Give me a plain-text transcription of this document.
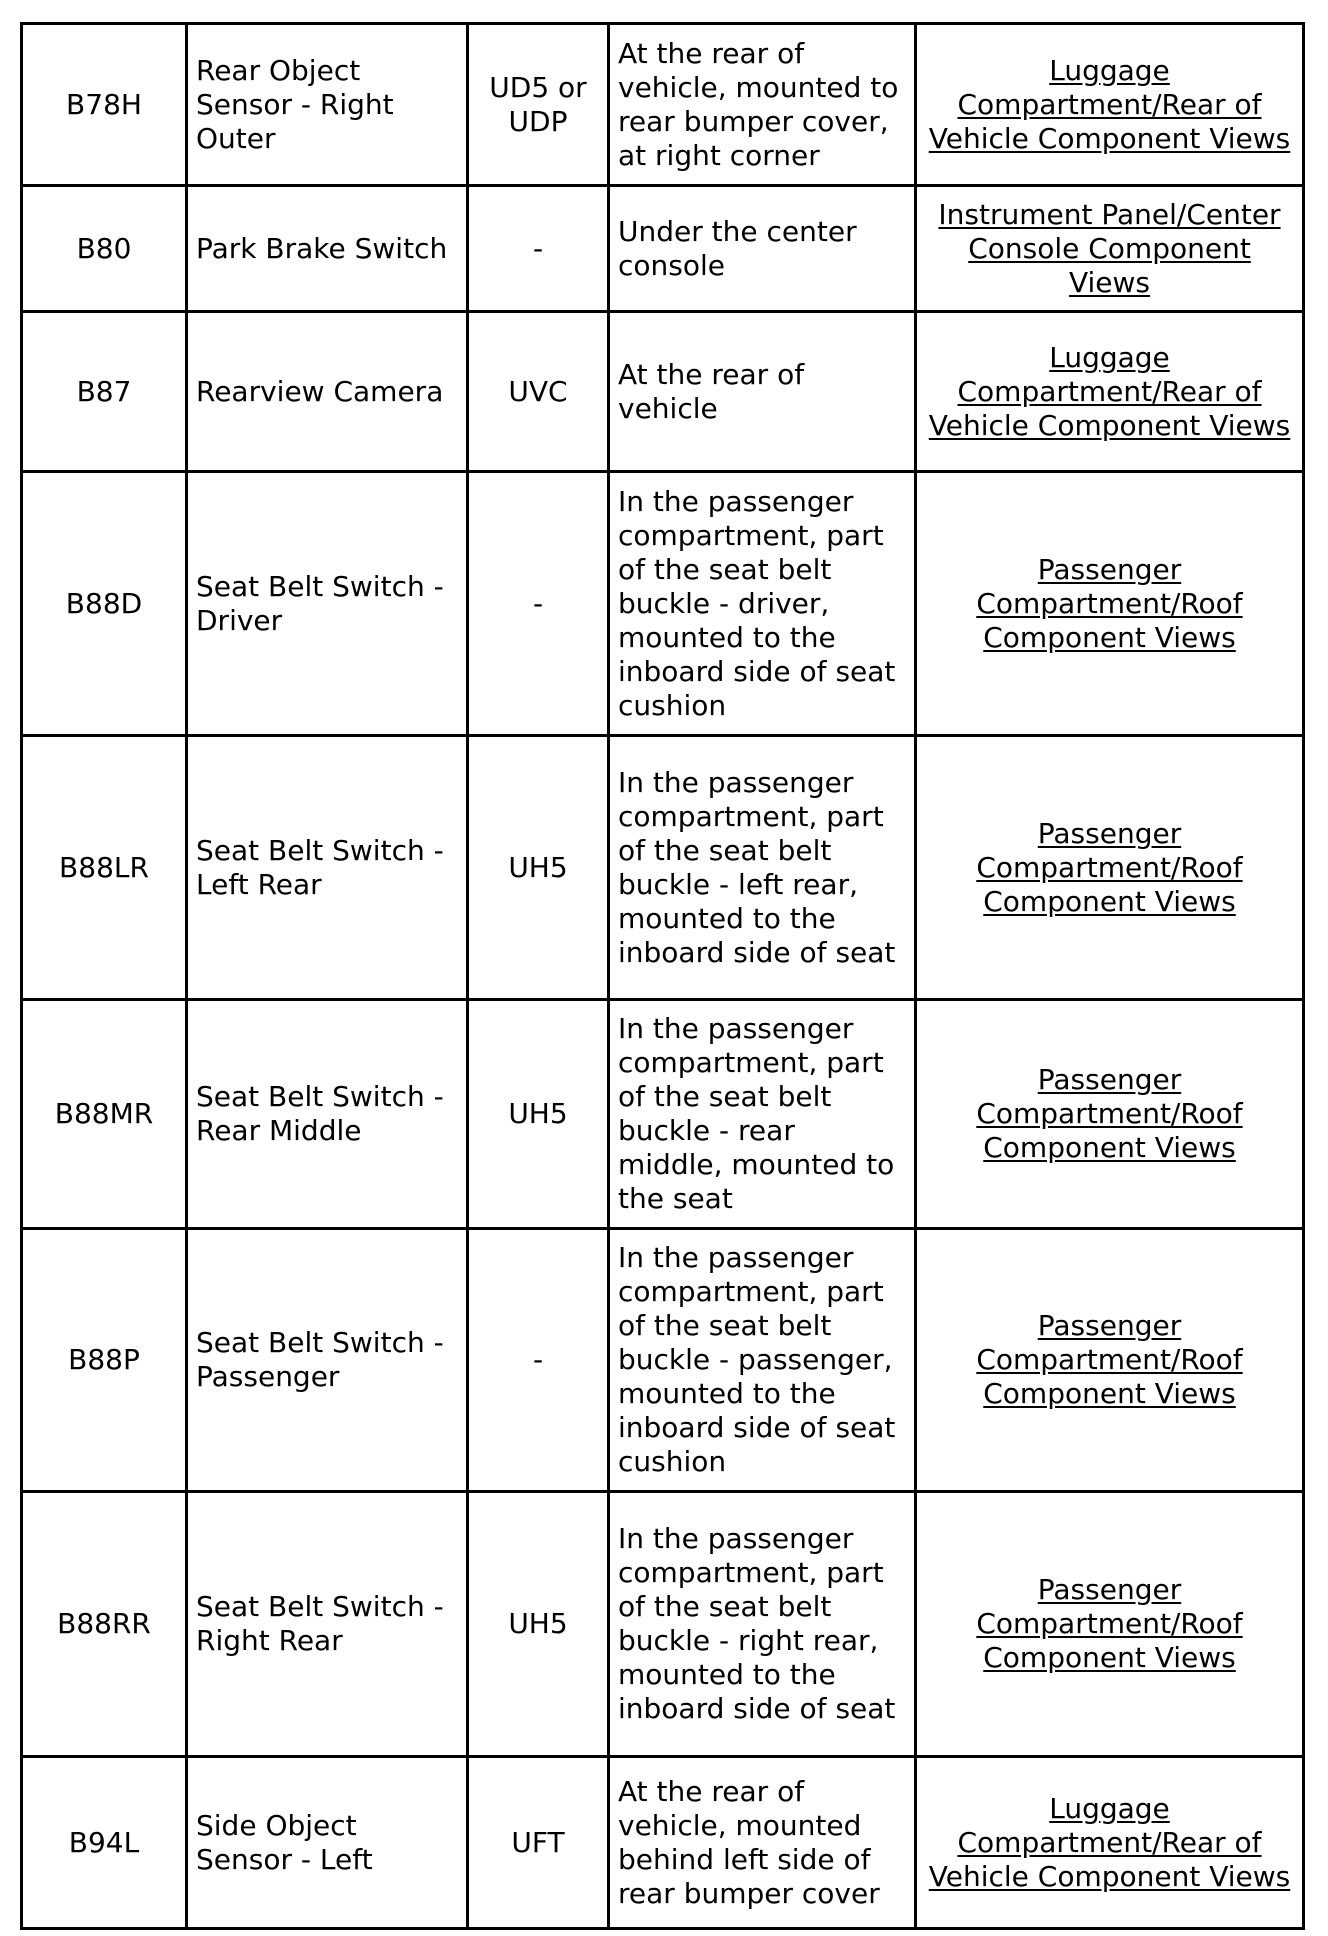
B78H	Rear Object Sensor - Right Outer	UD5 or UDP	At the rear of vehicle, mounted to rear bumper cover, at right corner	Luggage Compartment/Rear of Vehicle Component Views
B80	Park Brake Switch	-	Under the center console	Instrument Panel/Center Console Component Views
B87	Rearview Camera	UVC	At the rear of vehicle	Luggage Compartment/Rear of Vehicle Component Views
B88D	Seat Belt Switch - Driver	-	In the passenger compartment, part of the seat belt buckle - driver, mounted to the inboard side of seat cushion	Passenger Compartment/Roof Component Views
B88LR	Seat Belt Switch - Left Rear	UH5	In the passenger compartment, part of the seat belt buckle - left rear, mounted to the inboard side of seat	Passenger Compartment/Roof Component Views
B88MR	Seat Belt Switch - Rear Middle	UH5	In the passenger compartment, part of the seat belt buckle - rear middle, mounted to the seat	Passenger Compartment/Roof Component Views
B88P	Seat Belt Switch - Passenger	-	In the passenger compartment, part of the seat belt buckle - passenger, mounted to the inboard side of seat cushion	Passenger Compartment/Roof Component Views
B88RR	Seat Belt Switch - Right Rear	UH5	In the passenger compartment, part of the seat belt buckle - right rear, mounted to the inboard side of seat	Passenger Compartment/Roof Component Views
B94L	Side Object Sensor - Left	UFT	At the rear of vehicle, mounted behind left side of rear bumper cover	Luggage Compartment/Rear of Vehicle Component Views
